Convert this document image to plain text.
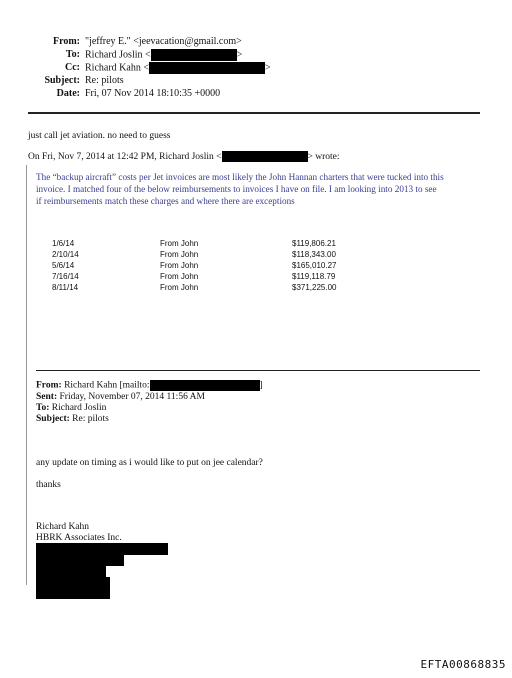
From: "jeffrey E." <jeevacation@gmail.com>
To: Richard Joslin <	>
Cc: Richard Kahn <	>
Subject: Re: pilots
Date: Fri, 07 Nov 2014 18:10:35 +0000
just call jet aviation. no need to guess
On Fri, Nov 7, 2014 at 12:42 PM, Richard Joslin <	> wrote:
The “backup aircraft” costs per Jet invoices are most likely the John Hannan charters that were tucked into this
invoice. I matched four of the below reimbursements to invoices I have on file. I am looking into 2013 to see
if reimbursements match these charges and where there are exceptions
1/6/14	From John	$119,806.21
2/10/14	From John	$118,343.00
5/6/14	From John	$165,010.27
7/16/14	From John	$119,118.79
8/11/14	From John	$371,225.00
From: Richard Kahn [mailto:	]
Sent: Friday, November 07, 2014 11:56 AM
To: Richard Joslin
Subject: Re: pilots
any update on timing as i would like to put on jee calendar?
thanks
Richard Kahn
HBRK Associates Inc.
EFTA00868835
